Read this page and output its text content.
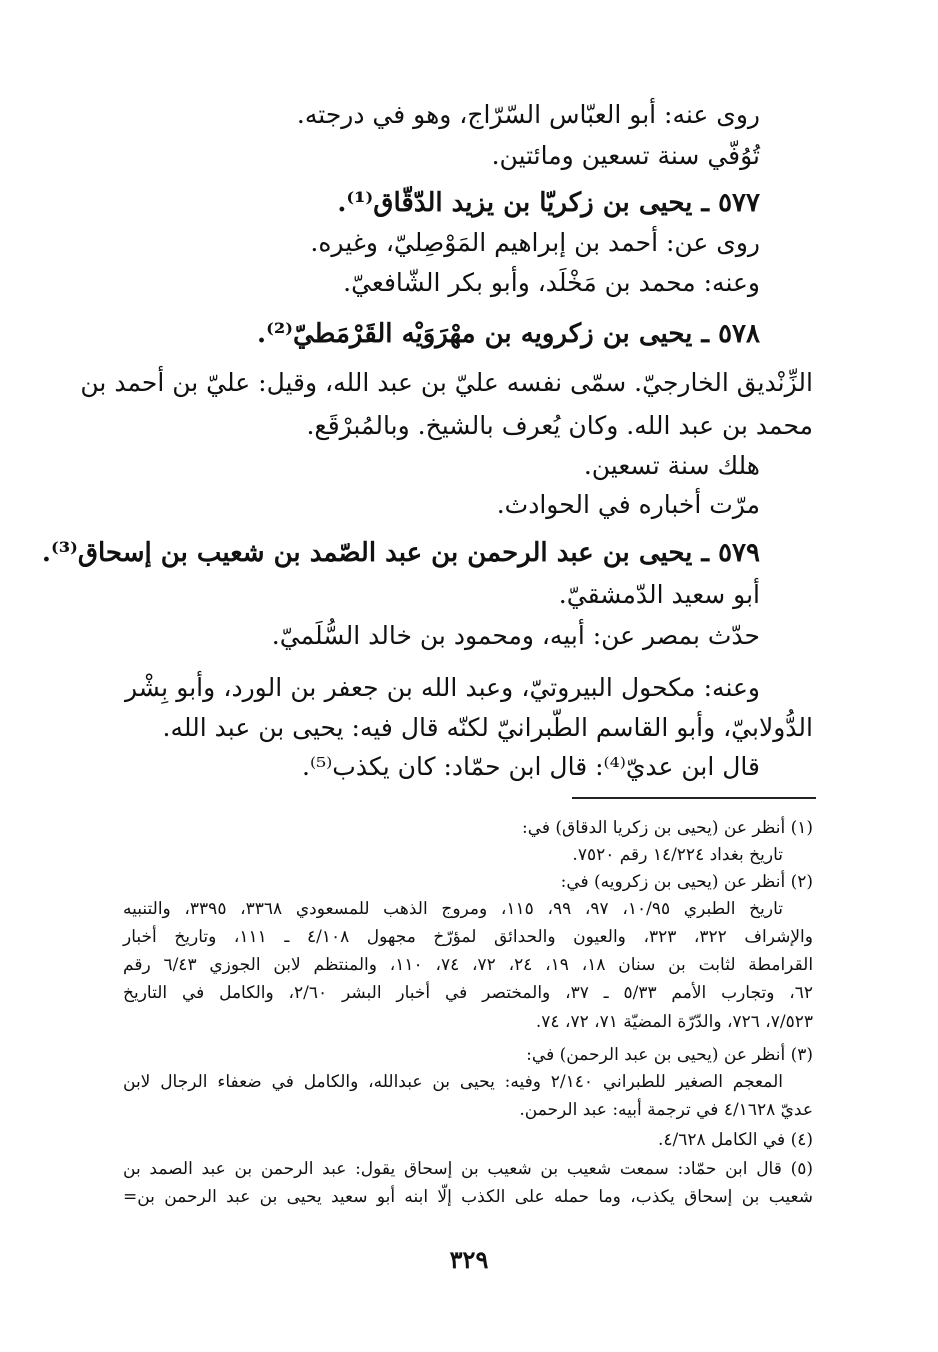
روى عنه: أبو العبّاس السّرّاج، وهو في درجته.
تُوُفّي سنة تسعين ومائتين.
٥٧٧ ـ يحيى بن زكريّا بن يزيد الدّقّاق⁽¹⁾.
روى عن: أحمد بن إبراهيم المَوْصِليّ، وغيره.
وعنه: محمد بن مَخْلَد، وأبو بكر الشّافعيّ.
٥٧٨ ـ يحيى بن زكرويه بن مهْرَوَيْه القَرْمَطيّ⁽²⁾.
الزِّنْديق الخارجيّ. سمّى نفسه عليّ بن عبد الله، وقيل: عليّ بن أحمد بن
محمد بن عبد الله. وكان يُعرف بالشيخ. وبالمُبرْقَع.
هلك سنة تسعين.
مرّت أخباره في الحوادث.
٥٧٩ ـ يحيى بن عبد الرحمن بن عبد الصّمد بن شعيب بن إسحاق⁽³⁾.
أبو سعيد الدّمشقيّ.
حدّث بمصر عن: أبيه، ومحمود بن خالد السُّلَميّ.
وعنه: مكحول البيروتيّ، وعبد الله بن جعفر بن الورد، وأبو بِشْر
الدُّولابيّ، وأبو القاسم الطّبرانيّ لكنّه قال فيه: يحيى بن عبد الله.
قال ابن عديّ⁽⁴⁾: قال ابن حمّاد: كان يكذب⁽⁵⁾.
(١) أنظر عن (يحيى بن زكريا الدقاق) في:
تاريخ بغداد ١٤/٢٢٤ رقم ٧٥٢٠.
(٢) أنظر عن (يحيى بن زكرويه) في:
تاريخ الطبري ١٠/٩٥، ٩٧، ٩٩، ١١٥، ومروج الذهب للمسعودي ٣٣٦٨، ٣٣٩٥، والتنبيه
والإشراف ٣٢٢، ٣٢٣، والعيون والحدائق لمؤرّخ مجهول ٤/١٠٨ ـ ١١١، وتاريخ أخبار
القرامطة لثابت بن سنان ١٨، ١٩، ٢٤، ٧٢، ٧٤، ١١٠، والمنتظم لابن الجوزي ٦/٤٣ رقم
٦٢، وتجارب الأمم ٥/٣٣ ـ ٣٧، والمختصر في أخبار البشر ٢/٦٠، والكامل في التاريخ
٧/٥٢٣، ٧٢٦، والدّرّة المضيّة ٧١، ٧٢، ٧٤.
(٣) أنظر عن (يحيى بن عبد الرحمن) في:
المعجم الصغير للطبراني ٢/١٤٠ وفيه: يحيى بن عبدالله، والكامل في ضعفاء الرجال لابن
عديّ ٤/١٦٢٨ في ترجمة أبيه: عبد الرحمن.
(٤) في الكامل ٤/٦٢٨.
(٥) قال ابن حمّاد: سمعت شعيب بن شعيب بن إسحاق يقول: عبد الرحمن بن عبد الصمد بن
شعيب بن إسحاق يكذب، وما حمله على الكذب إلّا ابنه أبو سعيد يحيى بن عبد الرحمن بن=
٣٢٩
